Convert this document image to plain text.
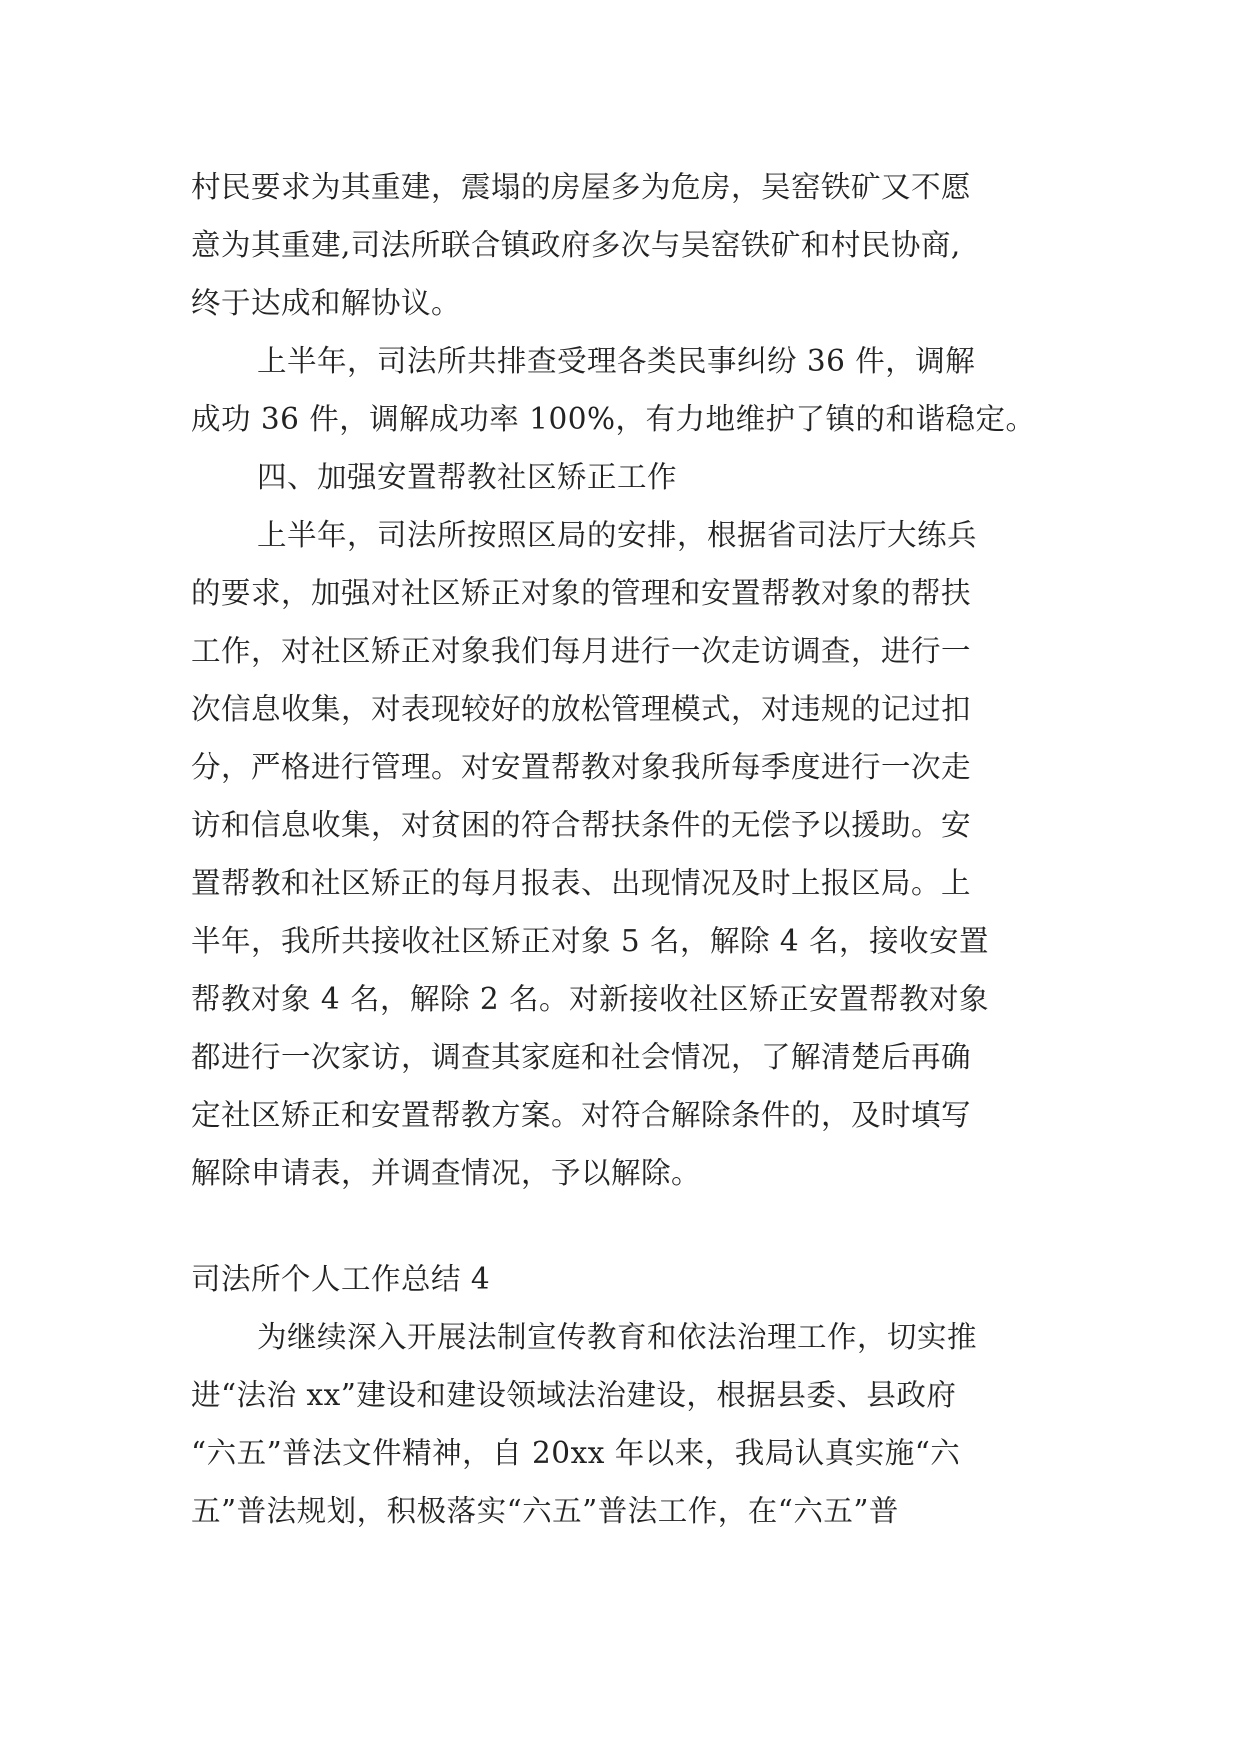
村民要求为其重建，震塌的房屋多为危房，吴窑铁矿又不愿
意为其重建,司法所联合镇政府多次与吴窑铁矿和村民协商,
终于达成和解协议。
上半年，司法所共排查受理各类民事纠纷 36 件，调解
成功 36 件，调解成功率 100%，有力地维护了镇的和谐稳定。
四、加强安置帮教社区矫正工作
上半年，司法所按照区局的安排，根据省司法厅大练兵
的要求，加强对社区矫正对象的管理和安置帮教对象的帮扶
工作，对社区矫正对象我们每月进行一次走访调查，进行一
次信息收集，对表现较好的放松管理模式，对违规的记过扣
分，严格进行管理。对安置帮教对象我所每季度进行一次走
访和信息收集，对贫困的符合帮扶条件的无偿予以援助。安
置帮教和社区矫正的每月报表、出现情况及时上报区局。上
半年，我所共接收社区矫正对象 5 名，解除 4 名，接收安置
帮教对象 4 名，解除 2 名。对新接收社区矫正安置帮教对象
都进行一次家访，调查其家庭和社会情况，了解清楚后再确
定社区矫正和安置帮教方案。对符合解除条件的，及时填写
解除申请表，并调查情况，予以解除。
司法所个人工作总结 4
为继续深入开展法制宣传教育和依法治理工作，切实推
进“法治 xx”建设和建设领域法治建设，根据县委、县政府
“六五”普法文件精神，自 20xx 年以来，我局认真实施“六
五”普法规划，积极落实“六五”普法工作，在“六五”普
